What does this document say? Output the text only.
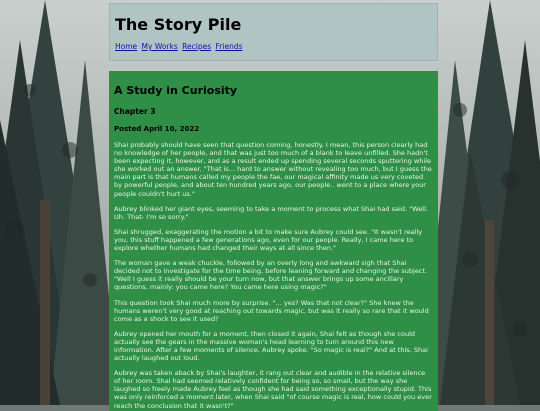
The Story Pile
Home My Works Recipes Friends
A Study in Curiosity
Chapter 3
Posted April 10, 2022

Shai probably should have seen that question coming, honestly. I mean, this person clearly had no knowledge of her people, and that was just too much of a blank to leave unfilled. She hadn't been expecting it, however, and as a result ended up spending several seconds sputtering while she worked out an answer. "That is... hard to answer without revealing too much, but I guess the main part is that humans called my people the fae, our magical affinity made us very coveted by powerful people, and about ten hundred years ago, our people.. went to a place where your people couldn't hurt us."

Aubrey blinked her giant eyes, seeming to take a moment to process what Shai had said. "Well. Uh. That- I'm so sorry."

Shai shrugged, exaggerating the motion a bit to make sure Aubrey could see. "It wasn't really you, this stuff happened a few generations ago, even for our people. Really, I came here to explore whether humans had changed their ways at all since then."

The woman gave a weak chuckle, followed by an overly long and awkward sigh that Shai decided not to investigate for the time being, before leaning forward and changing the subject. "Well I guess it really should be your turn now, but that answer brings up some ancillary questions, mainly: you came here? You came here using magic?"

This question took Shai much more by surprise. "... yes? Was that not clear?" She knew the humans weren't very good at reaching out towards magic, but was it really so rare that it would come as a shock to see it used?

Aubrey opened her mouth for a moment, then closed it again, Shai felt as though she could actually see the gears in the massive woman's head learning to turn around this new information. After a few moments of silence, Aubrey spoke. "So magic is real?" And at this, Shai actually laughed out loud.

Aubrey was taken aback by Shai's laughter, it rang out clear and audible in the relative silence of her room. Shai had seemed relatively confident for being so, so small, but the way she laughed so freely made Aubrey feel as though she had said something exceptionally stupid. This was only reinforced a moment later, when Shai said "of course magic is real, how could you ever reach the conclusion that it wasn't?"
